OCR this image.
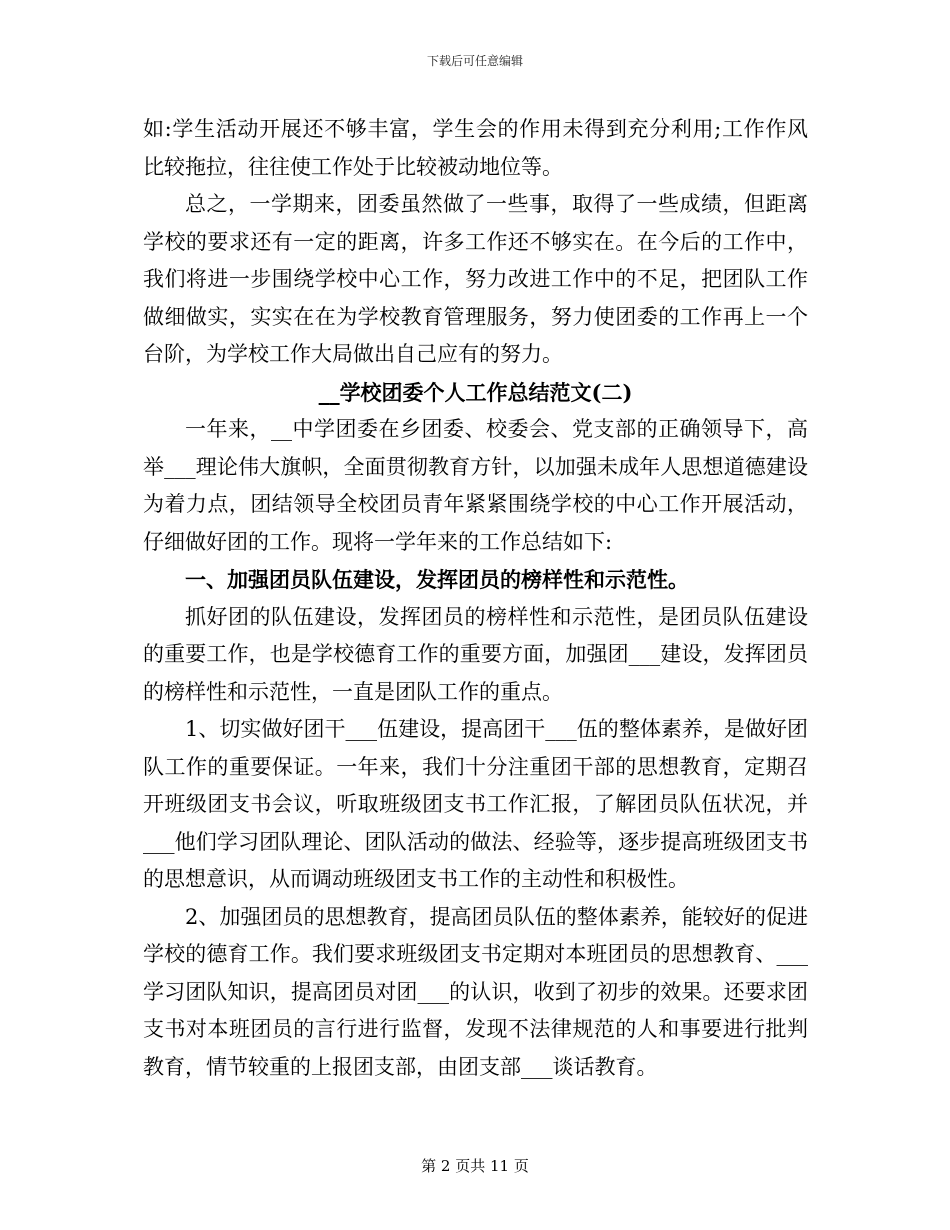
下载后可任意编辑

如:学生活动开展还不够丰富，学生会的作用未得到充分利用;工作作风比较拖拉，往往使工作处于比较被动地位等。

总之，一学期来，团委虽然做了一些事，取得了一些成绩，但距离学校的要求还有一定的距离，许多工作还不够实在。在今后的工作中，我们将进一步围绕学校中心工作，努力改进工作中的不足，把团队工作做细做实，实实在在为学校教育管理服务，努力使团委的工作再上一个台阶，为学校工作大局做出自己应有的努力。

__学校团委个人工作总结范文(二)

一年来，__中学团委在乡团委、校委会、党支部的正确领导下，高举___理论伟大旗帜，全面贯彻教育方针，以加强未成年人思想道德建设为着力点，团结领导全校团员青年紧紧围绕学校的中心工作开展活动，仔细做好团的工作。现将一学年来的工作总结如下:

一、加强团员队伍建设，发挥团员的榜样性和示范性。

抓好团的队伍建设，发挥团员的榜样性和示范性，是团员队伍建设的重要工作，也是学校德育工作的重要方面，加强团___建设，发挥团员的榜样性和示范性，一直是团队工作的重点。

1、切实做好团干___伍建设，提高团干___伍的整体素养，是做好团队工作的重要保证。一年来，我们十分注重团干部的思想教育，定期召开班级团支书会议，听取班级团支书工作汇报，了解团员队伍状况，并___他们学习团队理论、团队活动的做法、经验等，逐步提高班级团支书的思想意识，从而调动班级团支书工作的主动性和积极性。

2、加强团员的思想教育，提高团员队伍的整体素养，能较好的促进学校的德育工作。我们要求班级团支书定期对本班团员的思想教育、___学习团队知识，提高团员对团___的认识，收到了初步的效果。还要求团支书对本班团员的言行进行监督，发现不法律规范的人和事要进行批判教育，情节较重的上报团支部，由团支部___谈话教育。

第 2 页共 11 页
